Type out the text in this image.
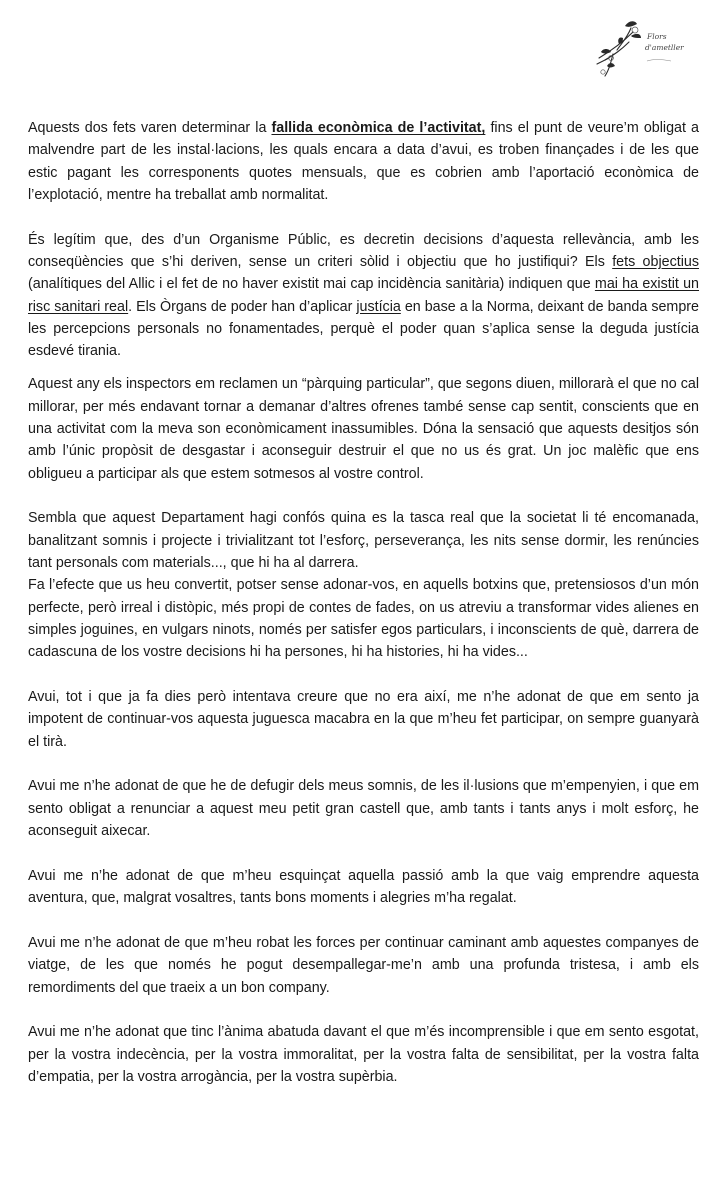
Flors
d'ametller

Aquests dos fets varen determinar la fallida econòmica de l’activitat, fins el punt de veure’m obligat a malvendre part de les instal·lacions, les quals encara a data d’avui, es troben finançades i de les que estic pagant les corresponents quotes mensuals, que es cobrien amb l’aportació econòmica de l’explotació, mentre ha treballat amb normalitat.

És legítim que, des d’un Organisme Públic, es decretin decisions d’aquesta rellevància, amb les conseqüències que s’hi deriven, sense un criteri sòlid i objectiu que ho justifiqui? Els fets objectius (analítiques del Allic i el fet de no haver existit mai cap incidència sanitària) indiquen que mai ha existit un risc sanitari real. Els Òrgans de poder han d’aplicar justícia en base a la Norma, deixant de banda sempre les percepcions personals no fonamentades, perquè el poder quan s’aplica sense la deguda justícia esdevé tirania.

Aquest any els inspectors em reclamen un “pàrquing particular”, que segons diuen, millorarà el que no cal millorar, per més endavant tornar a demanar d’altres ofrenes també sense cap sentit, conscients que en una activitat com la meva son econòmicament inassumibles. Dóna la sensació que aquests desitjos són amb l’únic propòsit de desgastar i aconseguir destruir el que no us és grat. Un joc malèfic que ens obligueu a participar als que estem sotmesos al vostre control.

Sembla que aquest Departament hagi confós quina es la tasca real que la societat li té encomanada, banalitzant somnis i projecte i trivialitzant tot l’esforç, perseverança, les nits sense dormir, les renúncies tant personals com materials..., que hi ha al darrera.

Fa l’efecte que us heu convertit, potser sense adonar-vos, en aquells botxins que, pretensiosos d’un món perfecte, però irreal i distòpic, més propi de contes de fades, on us atreviu a transformar vides alienes en simples joguines, en vulgars ninots, només per satisfer egos particulars, i inconscients de què, darrera de cadascuna de los vostre decisions hi ha persones, hi ha histories, hi ha vides...

Avui, tot i que ja fa dies però intentava creure que no era així, me n’he adonat de que em sento ja impotent de continuar-vos aquesta juguesca macabra en la que m’heu fet participar, on sempre guanyarà el tirà.

Avui me n’he adonat de que he de defugir dels meus somnis, de les il·lusions que m’empenyien, i que em sento obligat a renunciar a aquest meu petit gran castell que, amb tants i tants anys i molt esforç, he aconseguit aixecar.

Avui me n’he adonat de que m’heu esquinçat aquella passió amb la que vaig emprendre aquesta aventura, que, malgrat vosaltres, tants bons moments i alegries m’ha regalat.

Avui me n’he adonat de que m’heu robat les forces per continuar caminant amb aquestes companyes de viatge, de les que només he pogut desempallegar-me’n amb una profunda tristesa, i amb els remordiments del que traeix a un bon company.

Avui me n’he adonat que tinc l’ànima abatuda davant el que m’és incomprensible i que em sento esgotat, per la vostra indecència, per la vostra immoralitat, per la vostra falta de sensibilitat, per la vostra falta d’empatia, per la vostra arrogància, per la vostra supèrbia.
